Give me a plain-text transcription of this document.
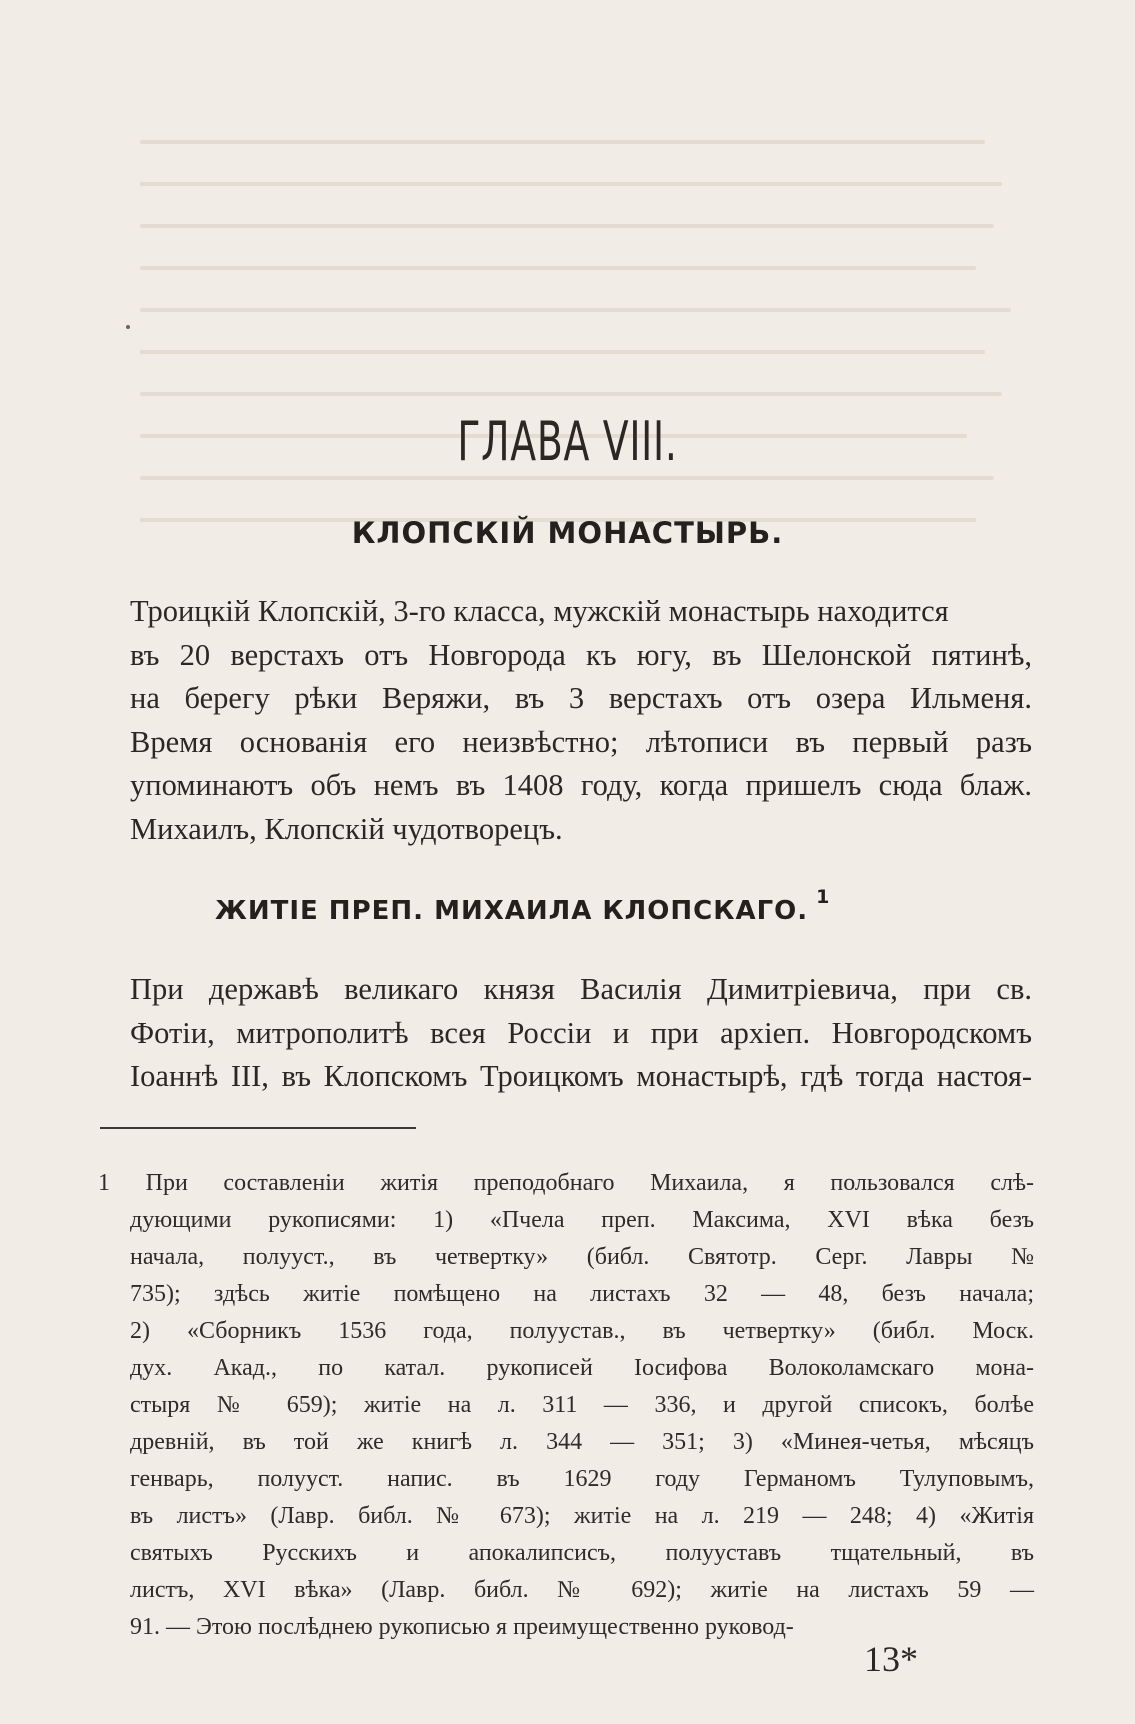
ГЛАВА VIII.
КЛОПСКІЙ МОНАСТЫРЬ.
Троицкій Клопскій, 3-го класса, мужскій монастырь находится
въ 20 верстахъ отъ Новгорода къ югу, въ Шелонской пятинѣ,
на берегу рѣки Веряжи, въ 3 верстахъ отъ озера Ильменя.
Время основанія его неизвѣстно; лѣтописи въ первый разъ
упоминаютъ объ немъ въ 1408 году, когда пришелъ сюда блаж.
Михаилъ, Клопскій чудотворецъ.
ЖИТІЕ ПРЕП. МИХАИЛА КЛОПСКАГО. $^1$
При державѣ великаго князя Василія Димитріевича, при св.
Фотіи, митрополитѣ всея Россіи и при архіеп. Новгородскомъ
Іоаннѣ III, въ Клопскомъ Троицкомъ монастырѣ, гдѣ тогда настоя-
1 При составленіи житія преподобнаго Михаила, я пользовался слѣ-
дующими рукописями: 1) «Пчела преп. Максима, XVI вѣка безъ
начала, полууст., въ четвертку» (библ. Святотр. Серг. Лавры №
735); здѣсь житіе помѣщено на листахъ 32 — 48, безъ начала;
2) «Сборникъ 1536 года, полуустав., въ четвертку» (библ. Моск.
дух. Акад., по катал. рукописей Іосифова Волоколамскаго мона-
стыря № 659); житіе на л. 311 — 336, и другой списокъ, болѣе
древній, въ той же книгѣ л. 344 — 351; 3) «Минея-четья, мѣсяцъ
генварь, полууст. напис. въ 1629 году Германомъ Тулуповымъ,
въ листъ» (Лавр. библ. № 673); житіе на л. 219 — 248; 4) «Житія
святыхъ Русскихъ и апокалипсисъ, полууставъ тщательный, въ
листъ, XVI вѣка» (Лавр. библ. № 692); житіе на листахъ 59 —
91. — Этою послѣднею рукописью я преимущественно руковод-
13*
